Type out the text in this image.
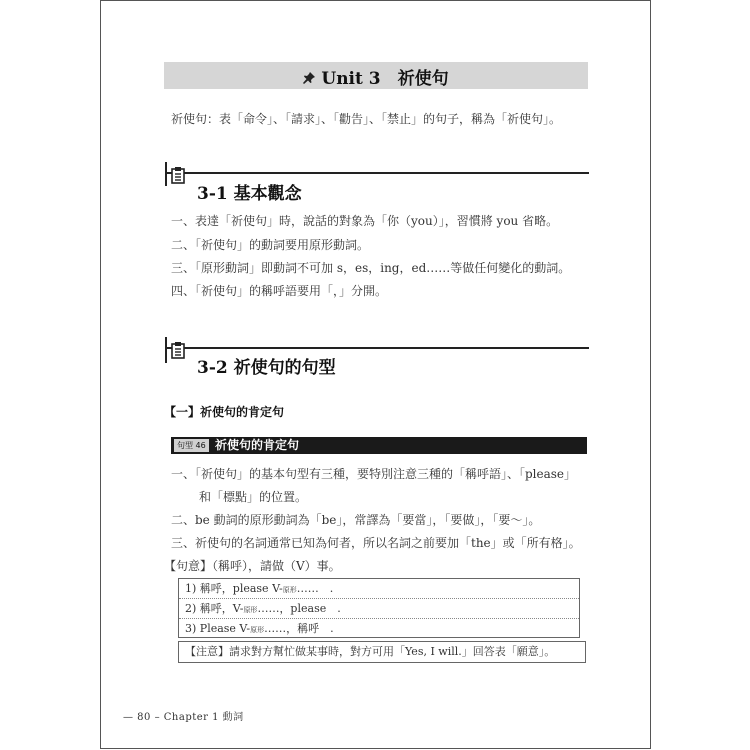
Unit 3　祈使句
祈使句：表「命令」、「請求」、「勸告」、「禁止」的句子，稱為「祈使句」。
3-1 基本觀念
一、表達「祈使句」時，說話的對象為「你（you）」，習慣將 you 省略。
二、「祈使句」的動詞要用原形動詞。
三、「原形動詞」即動詞不可加 s，es，ing，ed……等做任何變化的動詞。
四、「祈使句」的稱呼語要用「，」分開。
3-2 祈使句的句型
【一】祈使句的肯定句
句型 46 祈使句的肯定句
一、「祈使句」的基本句型有三種，要特別注意三種的「稱呼語」、「please」
和「標點」的位置。
二、be 動詞的原形動詞為「be」，常譯為「要當」，「要做」，「要～」。
三、祈使句的名詞通常已知為何者，所以名詞之前要加「the」或「所有格」。
【句意】（稱呼），請做（V）事。
1) 稱呼，please V-原形……　.
2) 稱呼，V-原形……，please　.
3) Please V-原形……，稱呼　.
【注意】請求對方幫忙做某事時，對方可用「Yes, I will.」回答表「願意」。
— 80 – Chapter 1 動詞
